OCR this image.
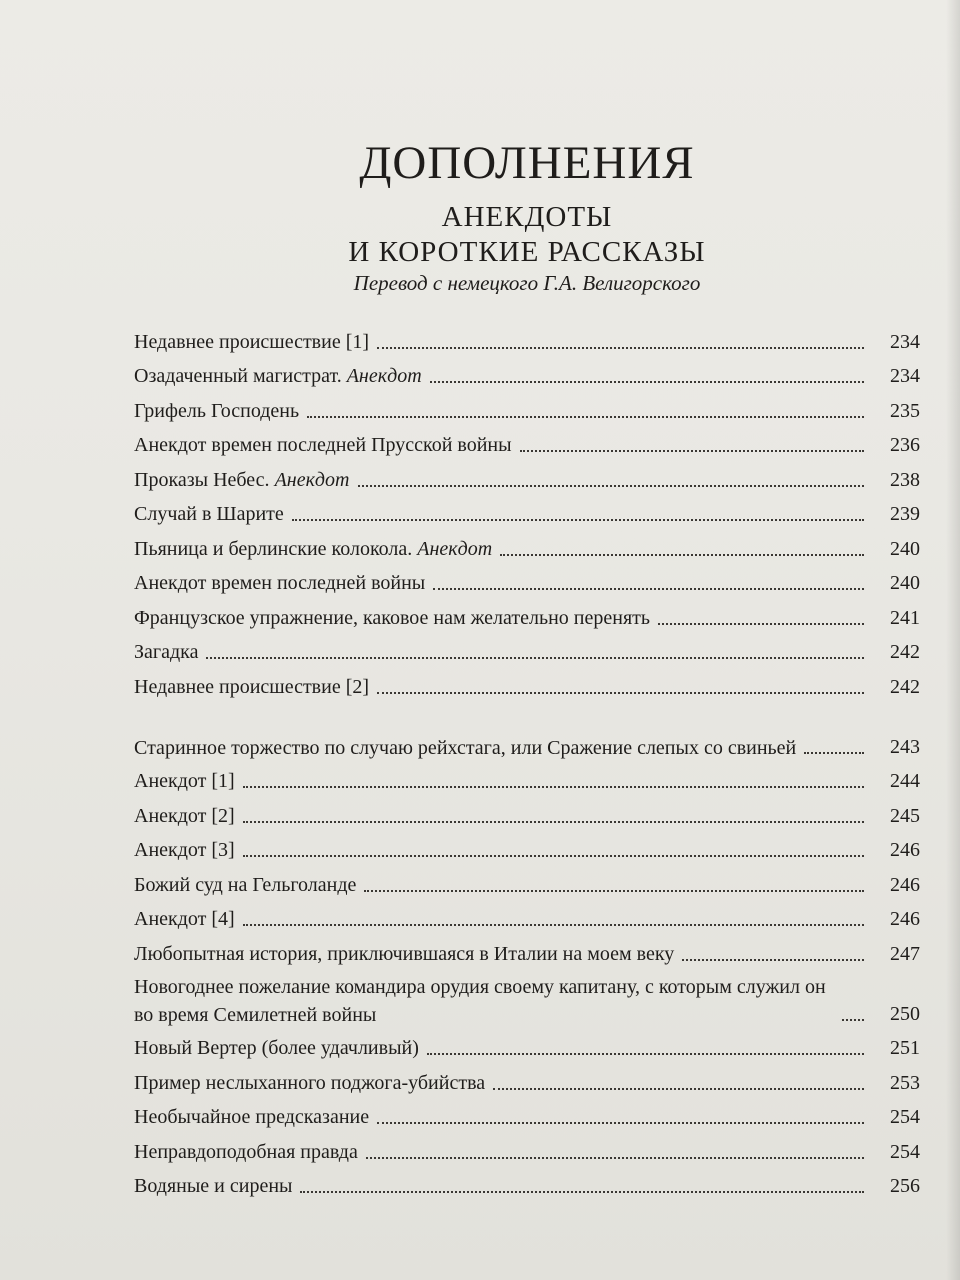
ДОПОЛНЕНИЯ
АНЕКДОТЫ
И КОРОТКИЕ РАССКАЗЫ
Перевод с немецкого Г.А. Велигорского
Недавнее происшествие [1]	234
Озадаченный магистрат. Анекдот	234
Грифель Господень	235
Анекдот времен последней Прусской войны	236
Проказы Небес. Анекдот	238
Случай в Шарите	239
Пьяница и берлинские колокола. Анекдот	240
Анекдот времен последней войны	240
Французское упражнение, каковое нам желательно перенять	241
Загадка	242
Недавнее происшествие [2]	242
Старинное торжество по случаю рейхстага, или Сражение слепых со свиньей	243
Анекдот [1]	244
Анекдот [2]	245
Анекдот [3]	246
Божий суд на Гельголанде	246
Анекдот [4]	246
Любопытная история, приключившаяся в Италии на моем веку	247
Новогоднее пожелание командира орудия своему капитану, с которым служил он во время Семилетней войны	250
Новый Вертер (более удачливый)	251
Пример неслыханного поджога-убийства	253
Необычайное предсказание	254
Неправдоподобная правда	254
Водяные и сирены	256
